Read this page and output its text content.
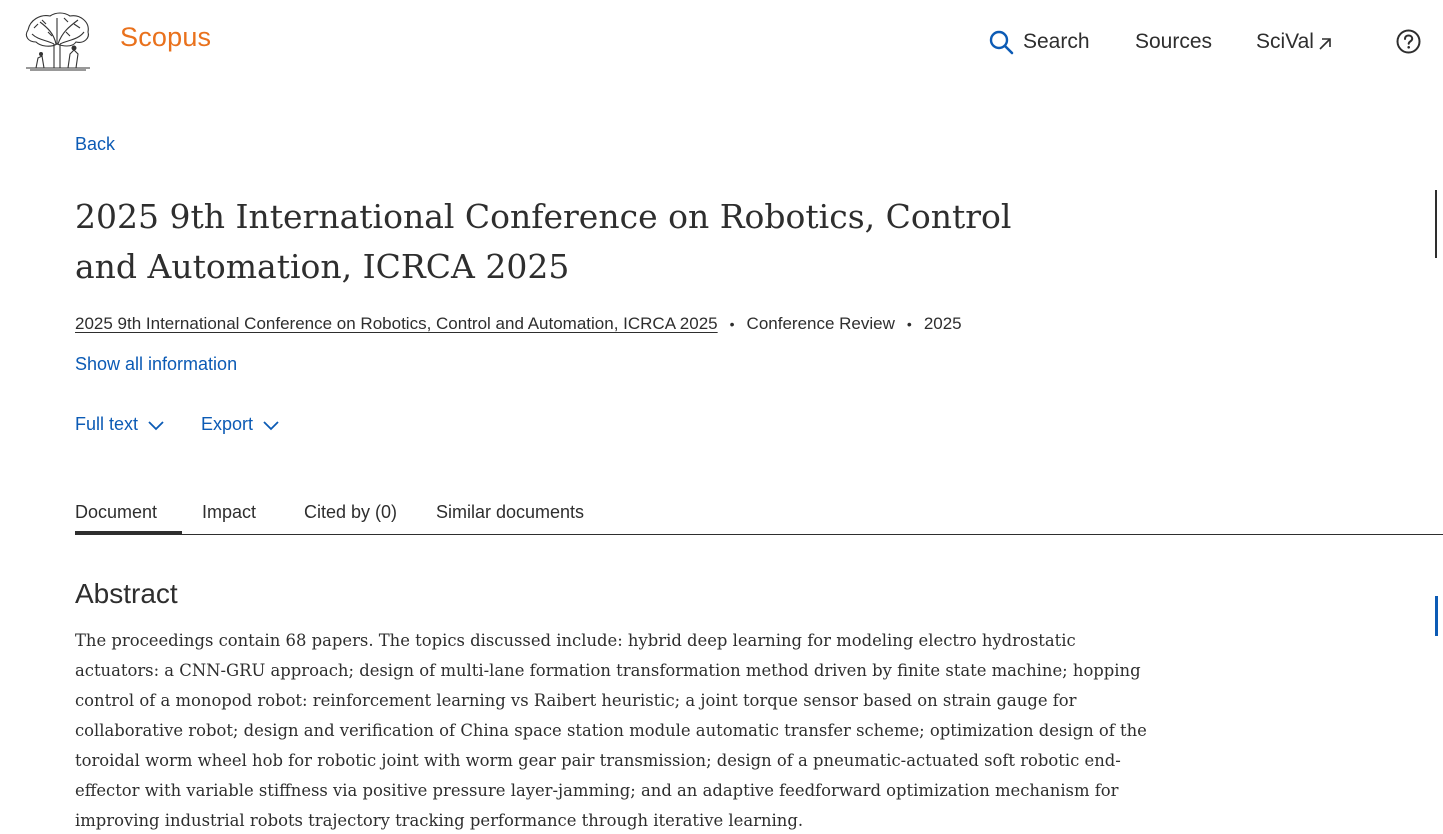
Scopus	Search Sources SciVal
Back
2025 9th International Conference on Robotics, Control and Automation, ICRCA 2025
2025 9th International Conference on Robotics, Control and Automation, ICRCA 2025 • Conference Review • 2025
Show all information
Full text	Export
Document	Impact	Cited by (0) Similar documents
Abstract

The proceedings contain 68 papers. The topics discussed include: hybrid deep learning for modeling electro hydrostatic actuators: a CNN-GRU approach; design of multi-lane formation transformation method driven by finite state machine; hopping control of a monopod robot: reinforcement learning vs Raibert heuristic; a joint torque sensor based on strain gauge for collaborative robot; design and verification of China space station module automatic transfer scheme; optimization design of the toroidal worm wheel hob for robotic joint with worm gear pair transmission; design of a pneumatic-actuated soft robotic end-effector with variable stiffness via positive pressure layer-jamming; and an adaptive feedforward optimization mechanism for improving industrial robots trajectory tracking performance through iterative learning.
